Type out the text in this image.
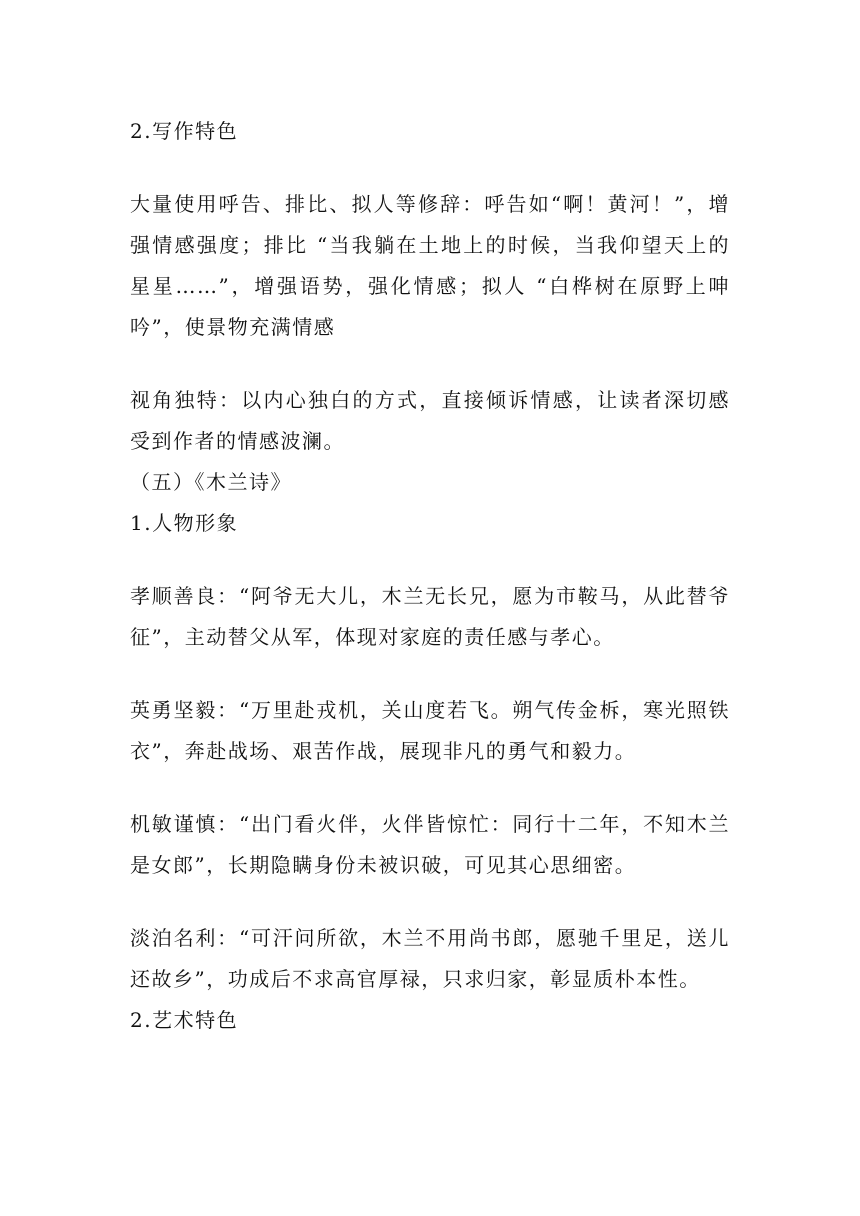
2.写作特色

大量使用呼告、排比、拟人等修辞：呼告如“啊！黄河！”，增强情感强度；排比 “当我躺在土地上的时候，当我仰望天上的星星……”，增强语势，强化情感；拟人 “白桦树在原野上呻吟”，使景物充满情感

视角独特：以内心独白的方式，直接倾诉情感，让读者深切感受到作者的情感波澜。

（五）《木兰诗》

1.人物形象

孝顺善良：“阿爷无大儿，木兰无长兄，愿为市鞍马，从此替爷征”，主动替父从军，体现对家庭的责任感与孝心。

英勇坚毅：“万里赴戎机，关山度若飞。朔气传金柝，寒光照铁衣”，奔赴战场、艰苦作战，展现非凡的勇气和毅力。

机敏谨慎：“出门看火伴，火伴皆惊忙：同行十二年，不知木兰是女郎”，长期隐瞒身份未被识破，可见其心思细密。

淡泊名利：“可汗问所欲，木兰不用尚书郎，愿驰千里足，送儿还故乡”，功成后不求高官厚禄，只求归家，彰显质朴本性。

2.艺术特色
